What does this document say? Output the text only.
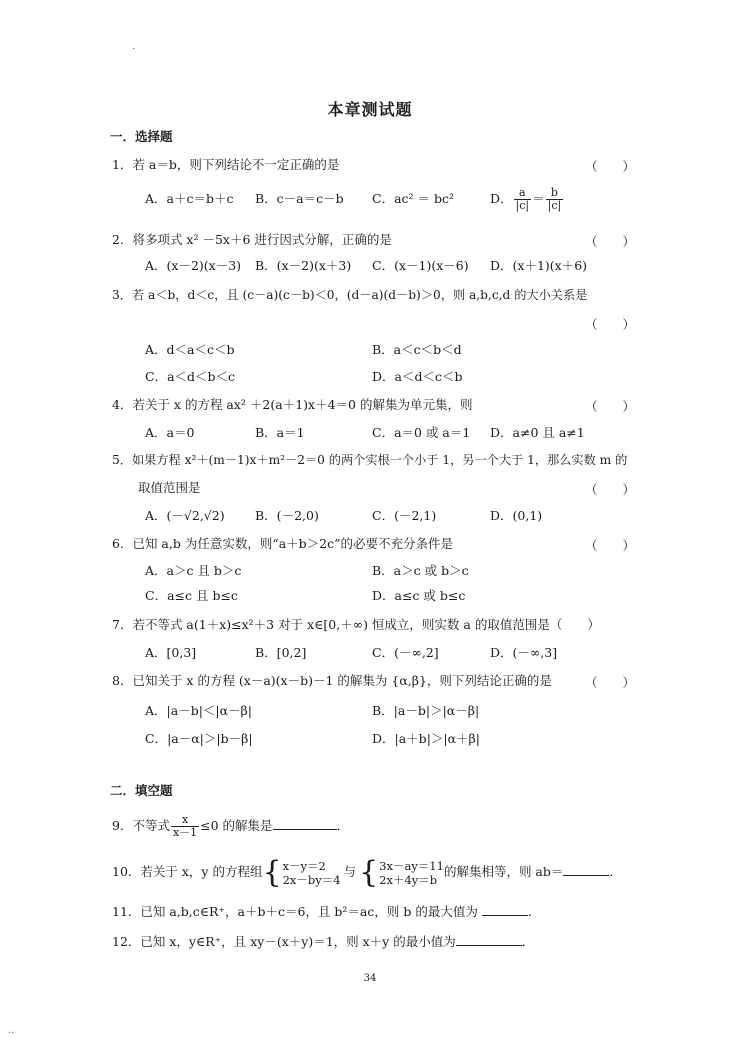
·
本章测试题
一．选择题
1．若 a＝b，则下列结论不一定正确的是	（　　）
A．a＋c＝b＋c B．c－a＝c－b C．ac² ＝ bc²	D． $\frac{a}{|c|} = \frac{b}{|c|}$
2．将多项式 x² －5x＋6 进行因式分解，正确的是	（　　）
A．(x－2)(x－3) B．(x－2)(x＋3) C．(x－1)(x－6) D．(x＋1)(x＋6)
3．若 a＜b，d＜c，且 (c－a)(c－b)＜0，(d－a)(d－b)＞0，则 a,b,c,d 的大小关系是
（　　）
A．d＜a＜c＜b	B．a＜c＜b＜d
C．a＜d＜b＜c	D．a＜d＜c＜b
4．若关于 x 的方程 ax² ＋2(a＋1)x＋4＝0 的解集为单元集，则	（　　）
A．a＝0	B．a＝1	C．a＝0 或 a＝1 D．a≠0 且 a≠1
5．如果方程 x²＋(m－1)x＋m²－2＝0 的两个实根一个小于 1，另一个大于 1，那么实数 m 的
取值范围是	（　　）
A．(－√2,√2) B．(－2,0)	C．(－2,1)	D．(0,1)
6．已知 a,b 为任意实数，则“a＋b＞2c”的必要不充分条件是	（　　）
A．a＞c 且 b＞c	B．a＞c 或 b＞c
C．a≤c 且 b≤c	D．a≤c 或 b≤c
7．若不等式 a(1＋x)≤x²＋3 对于 x∈[0,＋∞) 恒成立，则实数 a 的取值范围是（　　）
A．[0,3]	B．[0,2]	C．(－∞,2]	D．(－∞,3]
8．已知关于 x 的方程 (x－a)(x－b)－1 的解集为 {α,β}，则下列结论正确的是	（　　）
A．|a－b|＜|α－β|	B．|a－b|＞|α－β|
C．|a－α|＞|b－β|	D．|a＋b|＞|α＋β|
二．填空题
9．不等式 $\frac{x}{x-1} \le 0$ 的解集是	．
10．若关于 x，y 的方程组{ x－y＝2
2x－by＝4
与 { 3x－ay＝11
2x＋4y＝b
的解集相等，则 ab＝	．
11．已知 a,b,c∈R⁺，a＋b＋c＝6，且 b²＝ac，则 b 的最大值为	．
12．已知 x，y∈R⁺，且 xy－(x＋y)＝1，则 x＋y 的最小值为	．
34
··
